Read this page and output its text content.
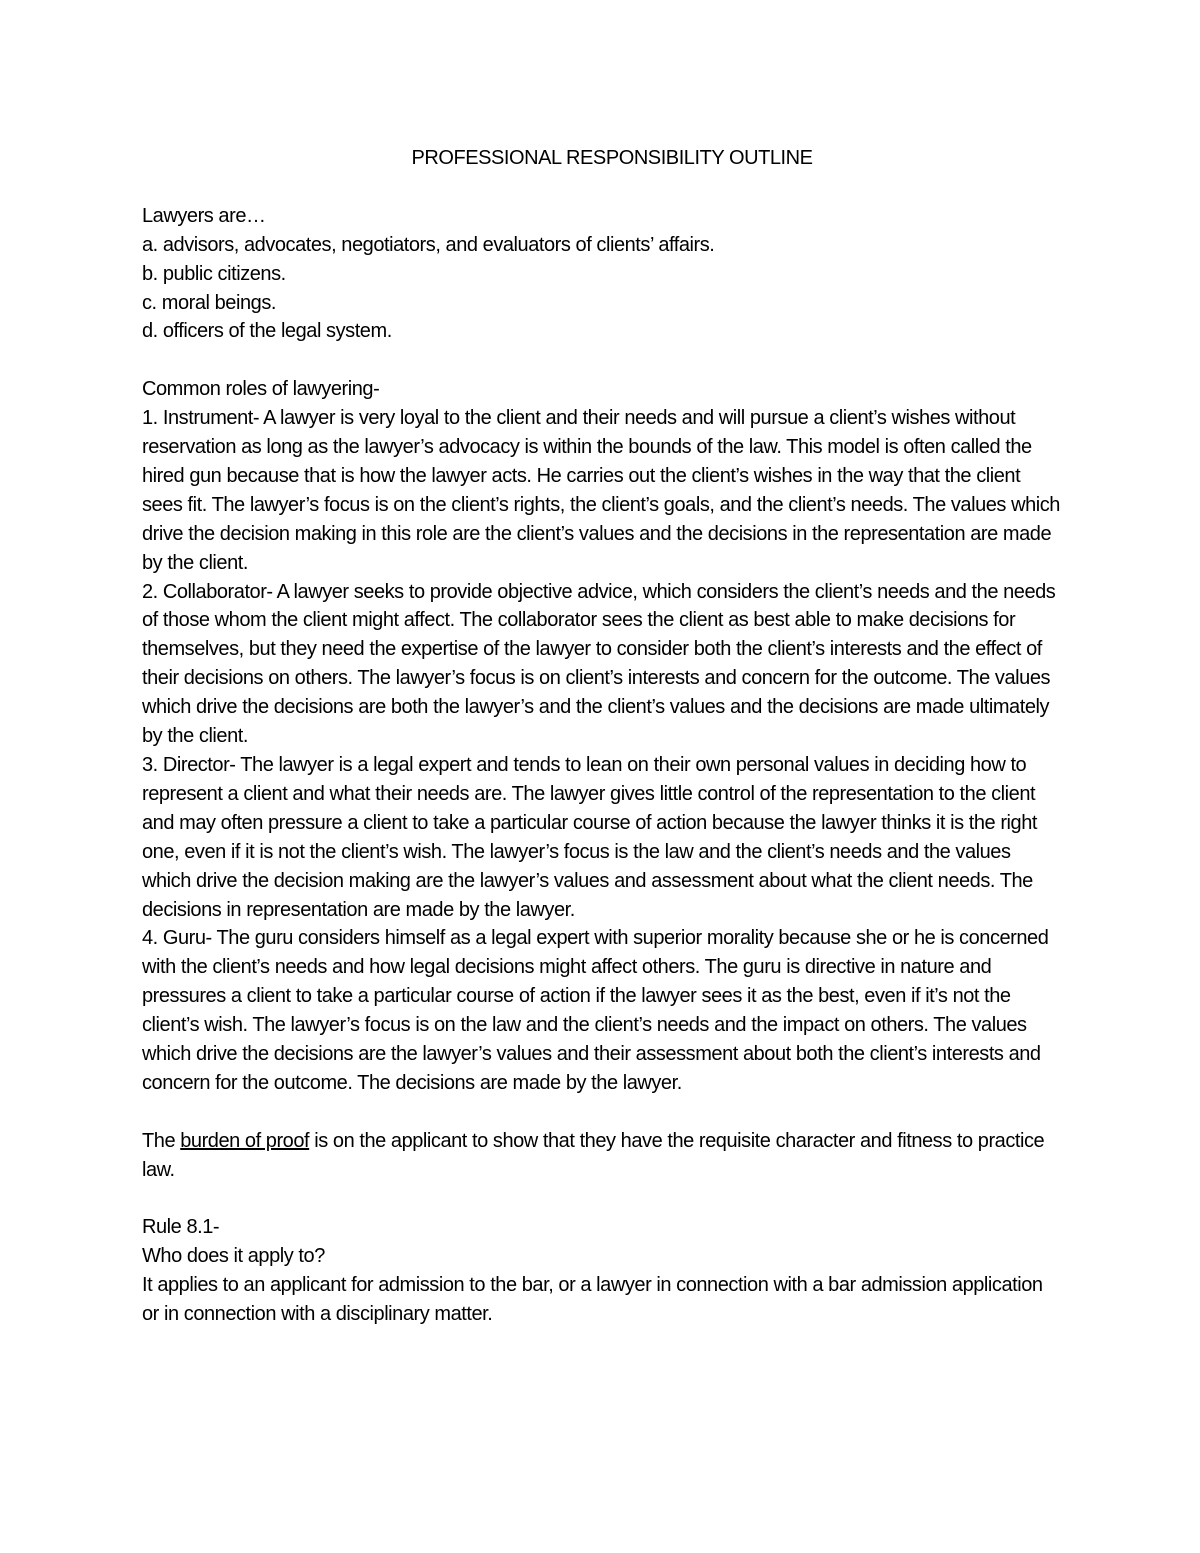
PROFESSIONAL RESPONSIBILITY OUTLINE

Lawyers are…

a. advisors, advocates, negotiators, and evaluators of clients’ affairs.

b. public citizens.

c. moral beings.

d. officers of the legal system.

Common roles of lawyering-

1. Instrument- A lawyer is very loyal to the client and their needs and will pursue a client’s wishes without reservation as long as the lawyer’s advocacy is within the bounds of the law. This model is often called the hired gun because that is how the lawyer acts. He carries out the client’s wishes in the way that the client sees fit. The lawyer’s focus is on the client’s rights, the client’s goals, and the client’s needs. The values which drive the decision making in this role are the client’s values and the decisions in the representation are made by the client.

2. Collaborator- A lawyer seeks to provide objective advice, which considers the client’s needs and the needs of those whom the client might affect. The collaborator sees the client as best able to make decisions for themselves, but they need the expertise of the lawyer to consider both the client’s interests and the effect of their decisions on others. The lawyer’s focus is on client’s interests and concern for the outcome. The values which drive the decisions are both the lawyer’s and the client’s values and the decisions are made ultimately by the client.

3. Director- The lawyer is a legal expert and tends to lean on their own personal values in deciding how to represent a client and what their needs are. The lawyer gives little control of the representation to the client and may often pressure a client to take a particular course of action because the lawyer thinks it is the right one, even if it is not the client’s wish. The lawyer’s focus is the law and the client’s needs and the values which drive the decision making are the lawyer’s values and assessment about what the client needs. The decisions in representation are made by the lawyer.

4. Guru- The guru considers himself as a legal expert with superior morality because she or he is concerned with the client’s needs and how legal decisions might affect others. The guru is directive in nature and pressures a client to take a particular course of action if the lawyer sees it as the best, even if it’s not the client’s wish. The lawyer’s focus is on the law and the client’s needs and the impact on others. The values which drive the decisions are the lawyer’s values and their assessment about both the client’s interests and concern for the outcome. The decisions are made by the lawyer.

The burden of proof is on the applicant to show that they have the requisite character and fitness to practice law.

Rule 8.1-

Who does it apply to?

It applies to an applicant for admission to the bar, or a lawyer in connection with a bar admission application or in connection with a disciplinary matter.
